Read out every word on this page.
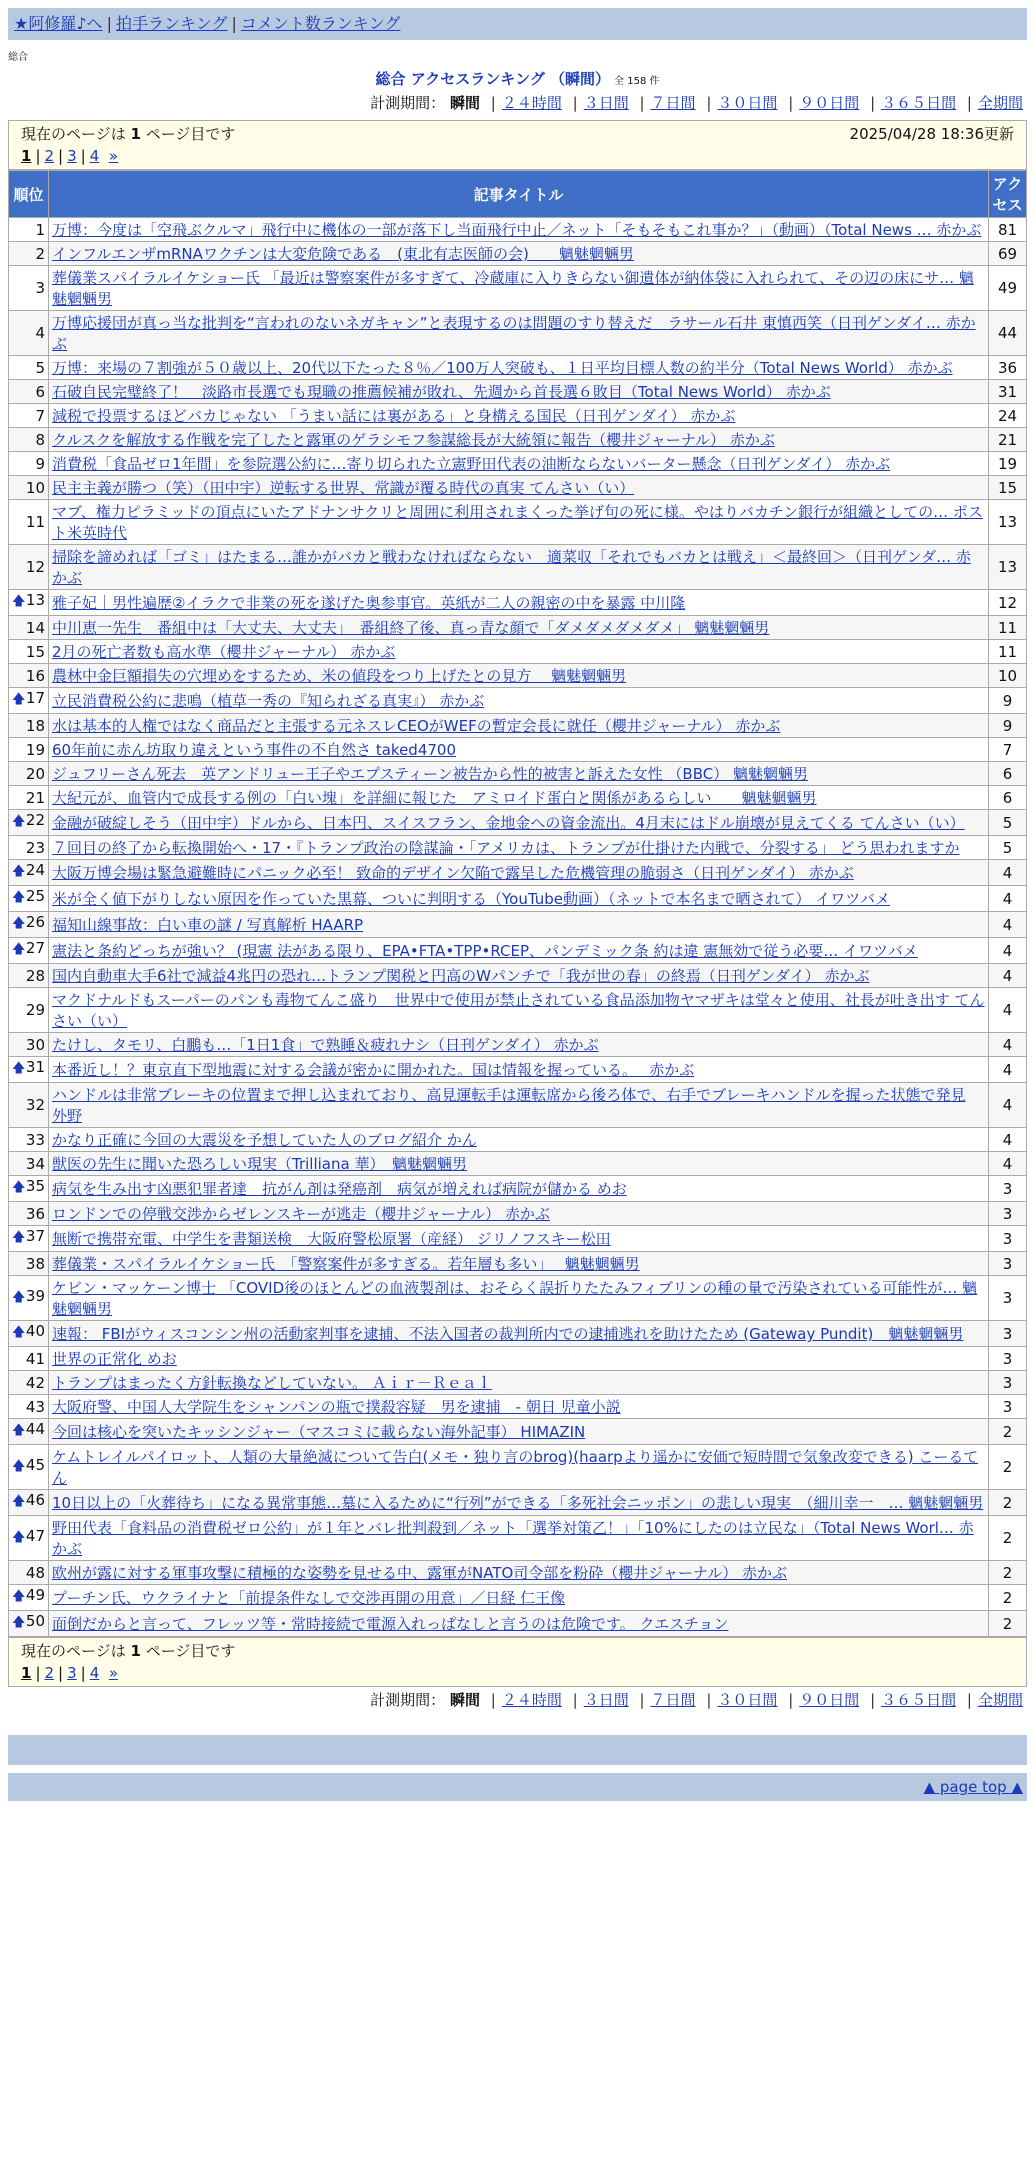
★阿修羅♪へ | 拍手ランキング | コメント数ランキング
総合
総合 アクセスランキング （瞬間） 全 158 件
計測期間： 瞬間 | ２４時間 | ３日間 | ７日間 | ３０日間 | ９０日間 | ３６５日間 | 全期間
現在のページは 1 ページ目です	2025/04/28 18:36更新
1 | 2 | 3 | 4 »
順位	記事タイトル	アクセス
1	万博：今度は「空飛ぶクルマ」飛行中に機体の一部が落下し当面飛行中止／ネット「そもそもこれ事か？」（動画）（Total News … 赤かぶ	81
2	インフルエンザmRNAワクチンは大変危険である　(東北有志医師の会)　　魑魅魍魎男	69
3	葬儀業スパイラルイケショー氏 「最近は警察案件が多すぎて、冷蔵庫に入りきらない御遺体が納体袋に入れられて、その辺の床にサ… 魑魅魍魎男	49
4	万博応援団が真っ当な批判を“言われのないネガキャン”と表現するのは問題のすり替えだ　ラサール石井 東慎西笑（日刊ゲンダイ… 赤かぶ	44
5	万博：来場の７割強が５０歳以上、20代以下たった８％／100万人突破も、１日平均目標人数の約半分（Total News World） 赤かぶ	36
6	石破自民完璧終了！　淡路市長選でも現職の推薦候補が敗れ、先週から首長選６敗目（Total News World） 赤かぶ	31
7	減税で投票するほどバカじゃない 「うまい話には裏がある」と身構える国民（日刊ゲンダイ） 赤かぶ	24
8	クルスクを解放する作戦を完了したと露軍のゲラシモフ参謀総長が大統領に報告（櫻井ジャーナル） 赤かぶ	21
9	消費税「食品ゼロ1年間」を参院選公約に…寄り切られた立憲野田代表の油断ならないバーター懸念（日刊ゲンダイ） 赤かぶ	19
10	民主主義が勝つ（笑）（田中宇）逆転する世界、常識が覆る時代の真実 てんさい（い）	15
11	マブ、権力ピラミッドの頂点にいたアドナンサクリと周囲に利用されまくった挙げ句の死に様。やはりバカチン銀行が組織としての… ポスト米英時代	13
12	掃除を諦めれば「ゴミ」はたまる…誰かがバカと戦わなければならない　適菜収「それでもバカとは戦え」＜最終回＞（日刊ゲンダ… 赤かぶ	13

🡅 13	雅子妃｜男性遍歴②イラクで非業の死を遂げた奥参事官。英紙が二人の親密の中を暴露 中川隆	12
14	中川恵一先生　番組中は「大丈夫、大丈夫」　番組終了後、真っ青な顔で「ダメダメダメダメ」 魑魅魍魎男	11
15	2月の死亡者数も高水準（櫻井ジャーナル） 赤かぶ	11
16	農林中金巨額損失の穴埋めをするため、米の値段をつり上げたとの見方　 魑魅魍魎男	10

🡅 17	立民消費税公約に悲鳴（植草一秀の『知られざる真実』） 赤かぶ	9
18	水は基本的人権ではなく商品だと主張する元ネスレCEOがWEFの暫定会長に就任（櫻井ジャーナル） 赤かぶ	9
19	60年前に赤ん坊取り違えという事件の不自然さ taked4700	7
20	ジュフリーさん死去　英アンドリュー王子やエプスティーン被告から性的被害と訴えた女性 （BBC） 魑魅魍魎男	6
21	大紀元が、血管内で成長する例の「白い塊」を詳細に報じた　アミロイド蛋白と関係があるらしい　　魑魅魍魎男	6

🡅 22	金融が破綻しそう（田中宇）ドルから、日本円、スイスフラン、金地金への資金流出。4月末にはドル崩壊が見えてくる てんさい（い）	5
23	７回目の終了から転換開始へ・17・『トランプ政治の陰謀論・「アメリカは、トランプが仕掛けた内戦で、分裂する」 どう思われますか	5

🡅 24	大阪万博会場は緊急避難時にパニック必至！ 致命的デザイン欠陥で露呈した危機管理の脆弱さ（日刊ゲンダイ） 赤かぶ	4

🡅 25	米が全く値下がりしない原因を作っていた黒幕、ついに判明する（YouTube動画）（ネットで本名まで晒されて） イワツバメ	4

🡅 26	福知山線事故：白い車の謎 / 写真解析 HAARP	4

🡅 27	憲法と条約どっちが強い？ (現憲 法がある限り、EPA•FTA•TPP•RCEP、パンデミック条 約は違 憲無効で従う必要… イワツバメ	4
28	国内自動車大手6社で減益4兆円の恐れ…トランプ関税と円高のWパンチで「我が世の春」の終焉（日刊ゲンダイ） 赤かぶ	4
29	マクドナルドもスーパーのパンも毒物てんこ盛り　世界中で使用が禁止されている食品添加物ヤマザキは堂々と使用、社長が吐き出す てんさい（い）	4
30	たけし、タモリ、白鵬も…「1日1食」で熟睡＆疲れナシ（日刊ゲンダイ） 赤かぶ	4

🡅 31	本番近し！？東京直下型地震に対する会議が密かに開かれた。国は情報を握っている。　 赤かぶ	4
32	ハンドルは非常ブレーキの位置まで押し込まれており、高見運転手は運転席から後ろ体で、右手でブレーキハンドルを握った状態で発見 外野	4
33	かなり正確に今回の大震災を予想していた人のブログ紹介 かん	4
34	獣医の先生に聞いた恐ろしい現実（Trilliana 華）　魑魅魍魎男	4

🡅 35	病気を生み出す凶悪犯罪者達　抗がん剤は発癌剤　病気が増えれば病院が儲かる めお	3
36	ロンドンでの停戦交渉からゼレンスキーが逃走（櫻井ジャーナル） 赤かぶ	3

🡅 37	無断で携帯充電、中学生を書類送検　大阪府警松原署（産経） ジリノフスキー松田	3
38	葬儀業・スパイラルイケショー氏　「警察案件が多すぎる。若年層も多い」　 魑魅魍魎男	3

🡅 39	ケビン・マッケーン博士 「COVID後のほとんどの血液製剤は、おそらく誤折りたたみフィブリンの種の量で汚染されている可能性が… 魑魅魍魎男	3

🡅 40	速報： FBIがウィスコンシン州の活動家判事を逮捕、不法入国者の裁判所内での逮捕逃れを助けたため (Gateway Pundit)　魑魅魍魎男	3
41	世界の正常化 めお	3
42	トランプはまったく方針転換などしていない。 Ａｉｒ－Ｒｅａｌ	3
43	大阪府警、中国人大学院生をシャンパンの瓶で撲殺容疑　男を逮捕　- 朝日 児童小説	3

🡅 44	今回は核心を突いたキッシンジャー（マスコミに載らない海外記事） HIMAZIN	2

🡅 45	ケムトレイルパイロット、人類の大量絶滅について告白(メモ・独り言のbrog)(haarpより遥かに安価で短時間で気象改変できる) こーるてん	2

🡅 46	10日以上の「火葬待ち」になる異常事態…墓に入るために“行列”ができる「多死社会ニッポン」の悲しい現実　（細川幸一　… 魑魅魍魎男	2

🡅 47	野田代表「食料品の消費税ゼロ公約」が１年とバレ批判殺到／ネット「選挙対策乙！」「10%にしたのは立民な」（Total News Worl… 赤かぶ	2
48	欧州が露に対する軍事攻撃に積極的な姿勢を見せる中、露軍がNATO司令部を粉砕（櫻井ジャーナル） 赤かぶ	2

🡅 49	プーチン氏、ウクライナと「前提条件なしで交渉再開の用意」／日経 仁王像	2

🡅 50	面倒だからと言って、フレッツ等・常時接続で電源入れっぱなしと言うのは危険です。 クエスチョン	2
現在のページは 1 ページ目です
1 | 2 | 3 | 4 »
計測期間： 瞬間 | ２４時間 | ３日間 | ７日間 | ３０日間 | ９０日間 | ３６５日間 | 全期間
▲ page top ▲
